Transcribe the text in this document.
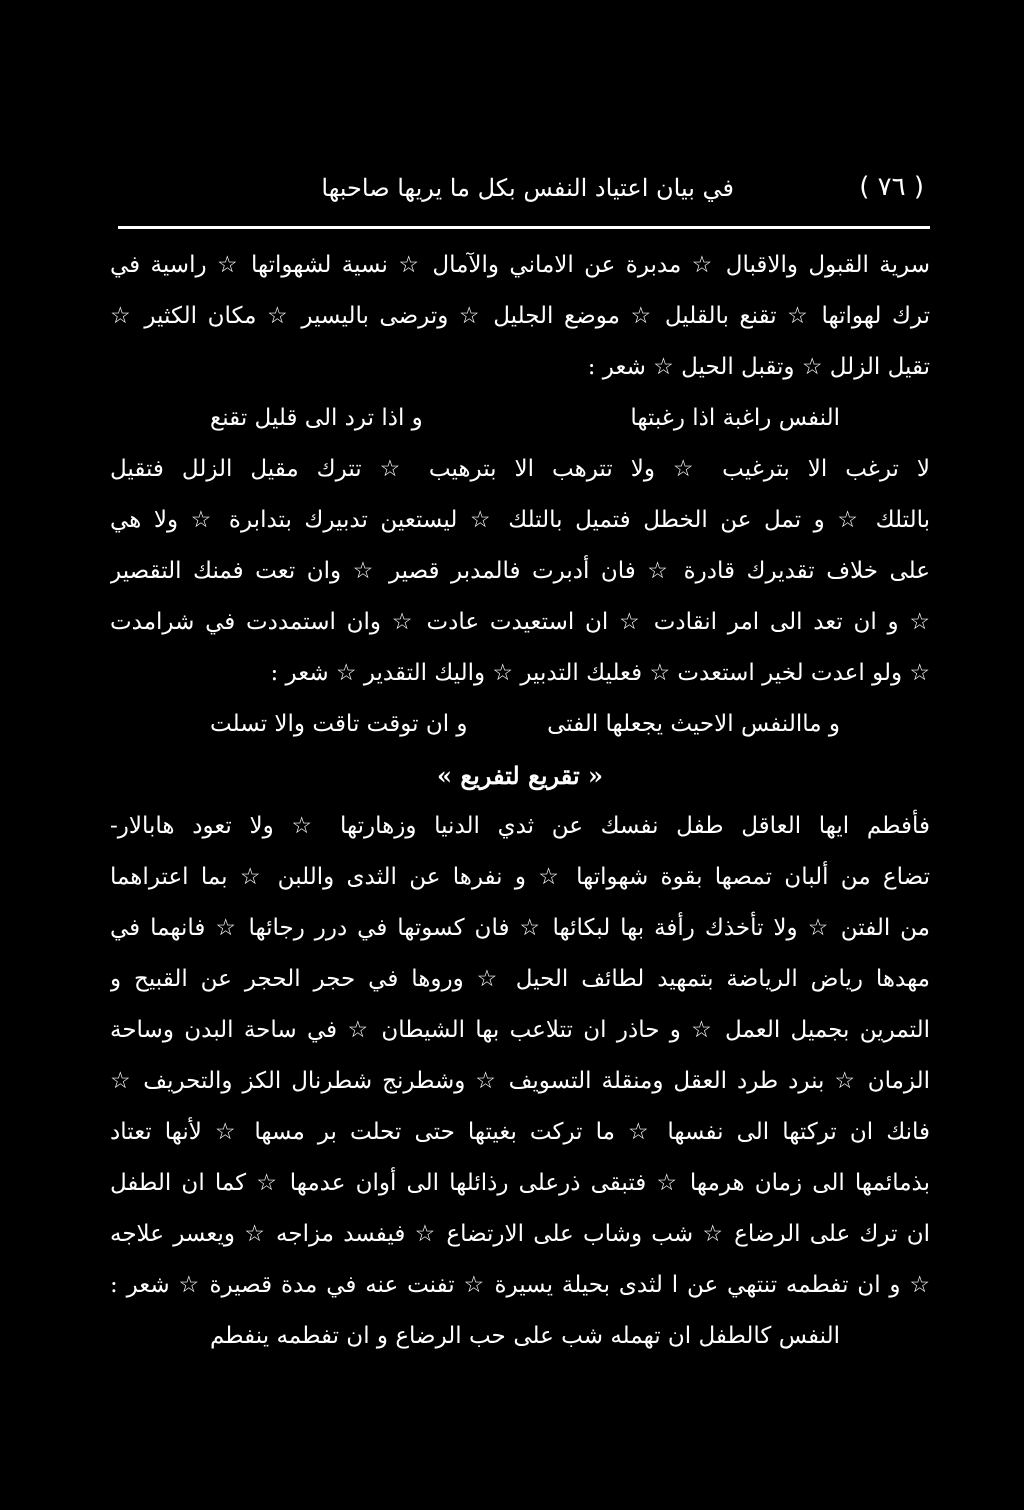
( ٧٦ )
في بيان اعتياد النفس بكل ما يريها صاحبها
سرية القبول والاقبال ☆ مدبرة عن الاماني والآمال ☆ نسية لشهواتها ☆ راسية في
ترك لهواتها ☆ تقنع بالقليل ☆ موضع الجليل ☆ وترضى باليسير ☆ مكان الكثير ☆
تقيل الزلل ☆ وتقبل الحيل ☆ شعر :
النفس راغبة اذا رغبتها
و اذا ترد الى قليل تقنع
لا ترغب الا بترغيب ☆ ولا تترهب الا بترهيب ☆ تترك مقيل الزلل فتقيل
بالتلك ☆ و تمل عن الخطل فتميل بالتلك ☆ ليستعين تدبيرك بتدابرة ☆ ولا هي
على خلاف تقديرك قادرة ☆ فان أدبرت فالمدبر قصير ☆ وان تعت فمنك التقصير
☆ و ان تعد الى امر انقادت ☆ ان استعيدت عادت ☆ وان استمددت في شرامدت
☆ ولو اعدت لخير استعدت ☆ فعليك التدبير ☆ واليك التقدير ☆ شعر :
و ماالنفس الاحيث يجعلها الفتى
و ان توقت تاقت والا تسلت
« تقريع لتفريع »
فأفطم ايها العاقل طفل نفسك عن ثدي الدنيا وزهارتها ☆ ولا تعود هابالار-
تضاع من ألبان تمصها بقوة شهواتها ☆ و نفرها عن الثدى واللبن ☆ بما اعتراهما
من الفتن ☆ ولا تأخذك رأفة بها لبكائها ☆ فان كسوتها في درر رجائها ☆ فانهما في
مهدها رياض الرياضة بتمهيد لطائف الحيل ☆ وروها في حجر الحجر عن القبيح و
التمرين بجميل العمل ☆ و حاذر ان تتلاعب بها الشيطان ☆ في ساحة البدن وساحة
الزمان ☆ بنرد طرد العقل ومنقلة التسويف ☆ وشطرنج شطرنال الكز والتحريف ☆
فانك ان تركتها الى نفسها ☆ ما تركت بغيتها حتى تحلت بر مسها ☆ لأنها تعتاد
بذمائمها الى زمان هرمها ☆ فتبقى ذرعلى رذائلها الى أوان عدمها ☆ كما ان الطفل
ان ترك على الرضاع ☆ شب وشاب على الارتضاع ☆ فيفسد مزاجه ☆ ويعسر علاجه
☆ و ان تفطمه تنتهي عن ا لثدى بحيلة يسيرة ☆ تفنت عنه في مدة قصيرة ☆ شعر :
النفس كالطفل ان تهمله شب على
حب الرضاع و ان تفطمه ينفطم
